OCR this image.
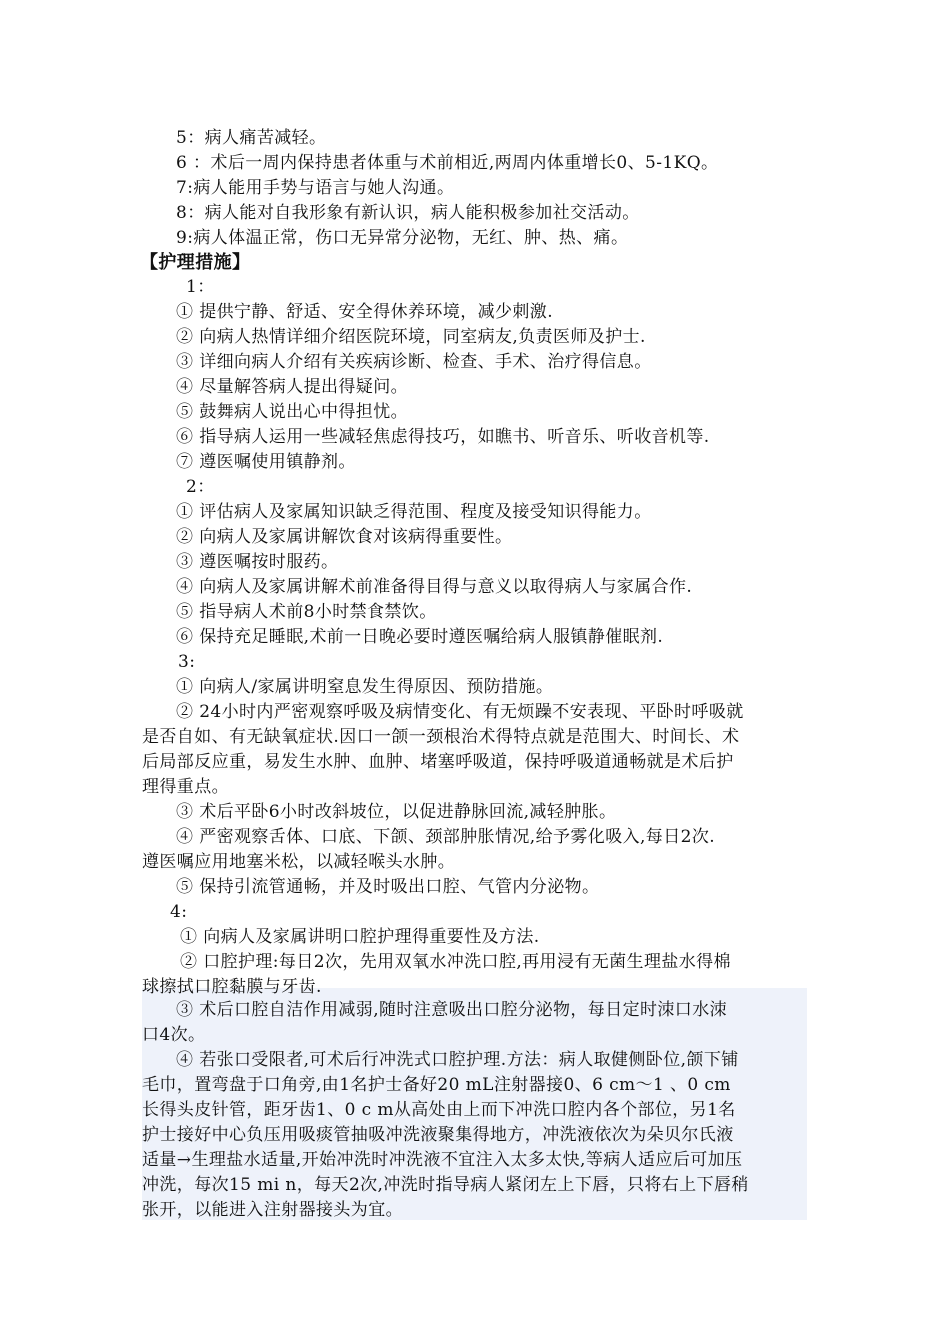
5：病人痛苦减轻。

6 ：术后一周内保持患者体重与术前相近,两周内体重增长0、5-1KQ。

7:病人能用手势与语言与她人沟通。

8：病人能对自我形象有新认识，病人能积极参加社交活动。

9:病人体温正常，伤口无异常分泌物，无红、肿、热、痛。

【护理措施】

1：

① 提供宁静、舒适、安全得休养环境，减少刺激.

② 向病人热情详细介绍医院环境，同室病友,负责医师及护士.

③ 详细向病人介绍有关疾病诊断、检查、手术、治疗得信息。

④ 尽量解答病人提出得疑问。

⑤ 鼓舞病人说出心中得担忧。

⑥ 指导病人运用一些减轻焦虑得技巧，如瞧书、听音乐、听收音机等.

⑦ 遵医嘱使用镇静剂。

2：

① 评估病人及家属知识缺乏得范围、程度及接受知识得能力。

② 向病人及家属讲解饮食对该病得重要性。

③ 遵医嘱按时服药。

④ 向病人及家属讲解术前准备得目得与意义以取得病人与家属合作.

⑤ 指导病人术前8小时禁食禁饮。

⑥ 保持充足睡眠,术前一日晚必要时遵医嘱给病人服镇静催眠剂.

3:

① 向病人/家属讲明窒息发生得原因、预防措施。

② 24小时内严密观察呼吸及病情变化、有无烦躁不安表现、平卧时呼吸就

是否自如、有无缺氧症状.因口一颌一颈根治术得特点就是范围大、时间长、术

后局部反应重，易发生水肿、血肿、堵塞呼吸道，保持呼吸道通畅就是术后护

理得重点。

③ 术后平卧6小时改斜坡位，以促进静脉回流,减轻肿胀。

④ 严密观察舌体、口底、下颌、颈部肿胀情况,给予雾化吸入,每日2次.

遵医嘱应用地塞米松，以减轻喉头水肿。

⑤ 保持引流管通畅，并及时吸出口腔、气管内分泌物。

4:

① 向病人及家属讲明口腔护理得重要性及方法.

② 口腔护理:每日2次，先用双氧水冲洗口腔,再用浸有无菌生理盐水得棉

球擦拭口腔黏膜与牙齿.

③ 术后口腔自洁作用减弱,随时注意吸出口腔分泌物，每日定时洓口水洓

口4次。

④ 若张口受限者,可术后行冲洗式口腔护理.方法：病人取健侧卧位,颌下铺

毛巾，置弯盘于口角旁,由1名护士备好20 mL注射器接0、6 cm～1 、0 cm

长得头皮针管，距牙齿1、0 c m从高处由上而下冲洗口腔内各个部位，另1名

护士接好中心负压用吸痰管抽吸冲洗液聚集得地方，冲洗液依次为朵贝尔氏液

适量→生理盐水适量,开始冲洗时冲洗液不宜注入太多太快,等病人适应后可加压

冲洗，每次15 mi n，每天2次,冲洗时指导病人紧闭左上下唇，只将右上下唇稍

张开，以能进入注射器接头为宜。
